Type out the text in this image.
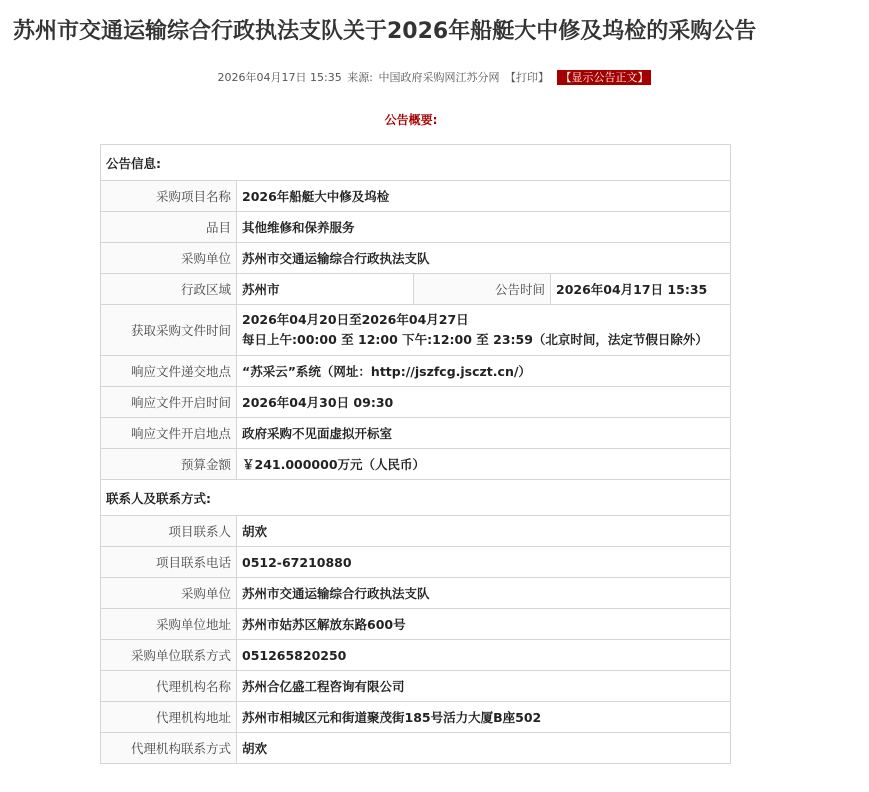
苏州市交通运输综合行政执法支队关于2026年船艇大中修及坞检的采购公告
2026年04月17日 15:35 来源: 中国政府采购网江苏分网 【打印】 【显示公告正文】
公告概要:
公告信息:			
采购项目名称	2026年船艇大中修及坞检		
品目	其他维修和保养服务		
采购单位	苏州市交通运输综合行政执法支队		
行政区域	苏州市	公告时间	2026年04月17日 15:35
获取采购文件时间	2026年04月20日至2026年04月27日
每日上午:00:00 至 12:00 下午:12:00 至 23:59（北京时间，法定节假日除外）		

响应文件递交地点	“苏采云”系统（网址：http://jszfcg.jsczt.cn/）		
响应文件开启时间	2026年04月30日 09:30		
响应文件开启地点	政府采购不见面虚拟开标室		
预算金额	￥241.000000万元（人民币）		
联系人及联系方式:			
项目联系人	胡欢		
项目联系电话	0512-67210880		
采购单位	苏州市交通运输综合行政执法支队		
采购单位地址	苏州市姑苏区解放东路600号		
采购单位联系方式	051265820250		
代理机构名称	苏州合亿盛工程咨询有限公司		
代理机构地址	苏州市相城区元和街道聚茂街185号活力大厦B座502		
代理机构联系方式	胡欢		
